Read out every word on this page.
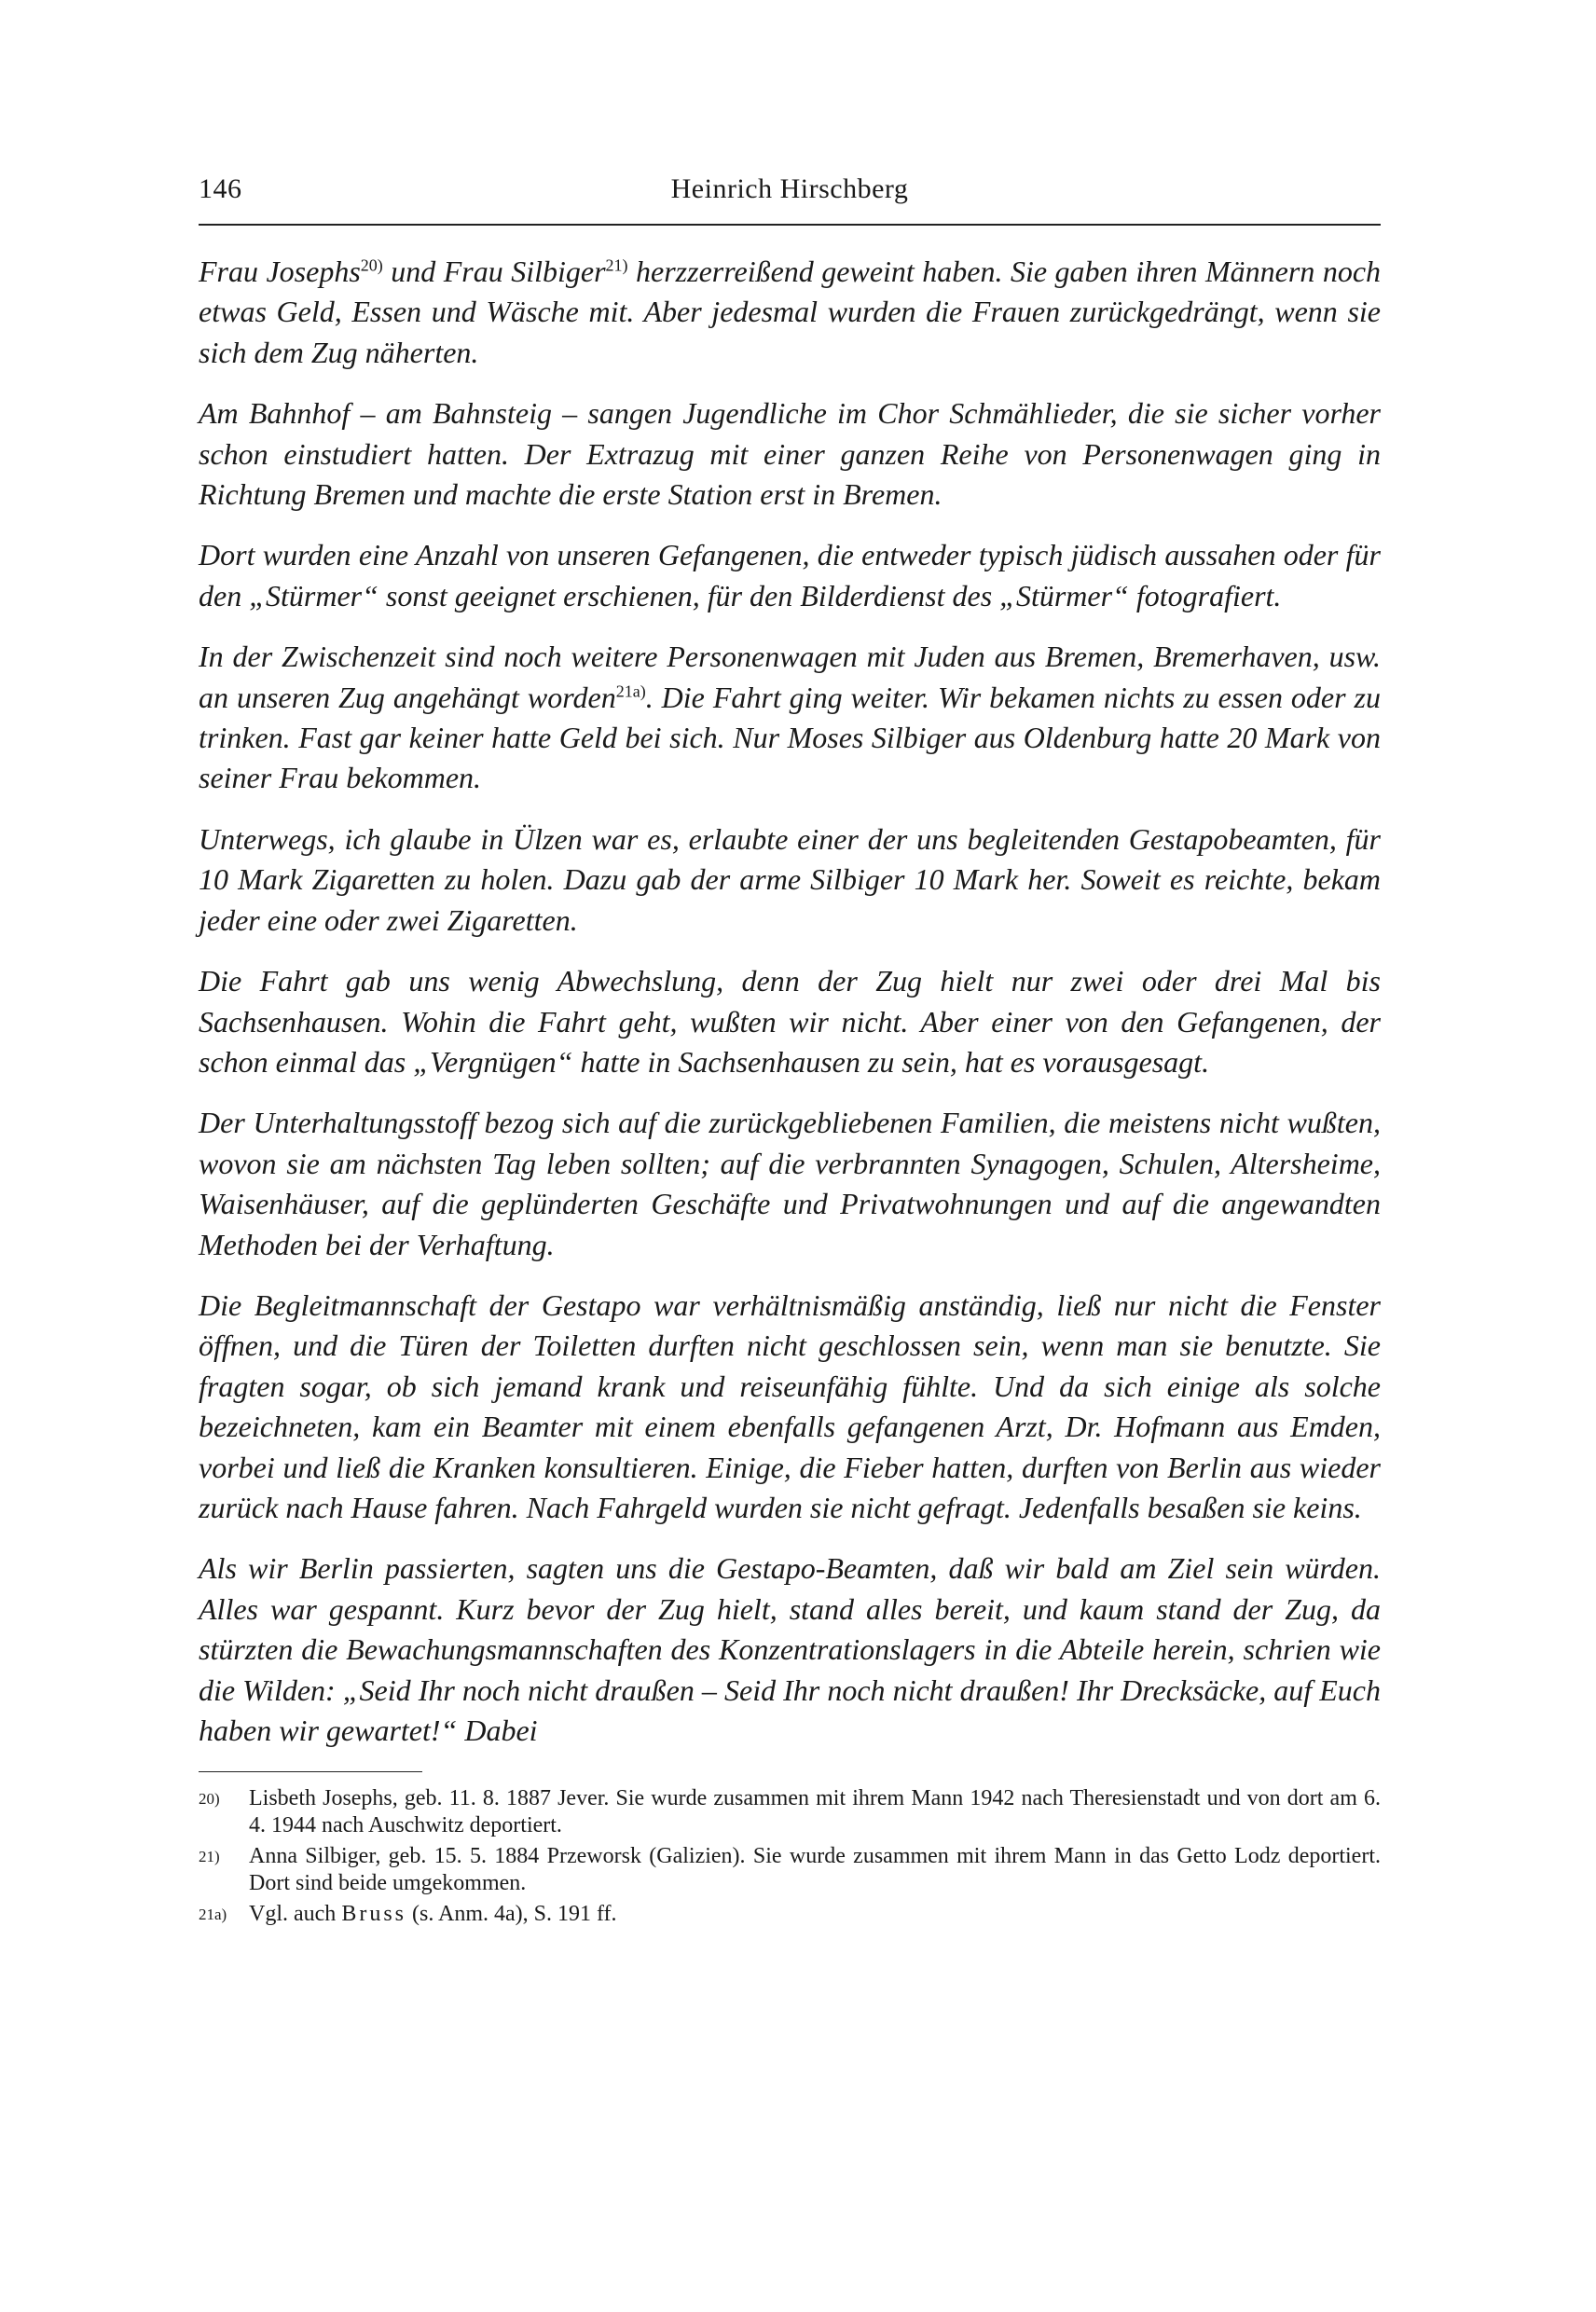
146	Heinrich Hirschberg

Frau Josephs$^{20)}$ und Frau Silbiger$^{21)}$ herzzerreißend geweint haben. Sie gaben ihren Männern noch etwas Geld, Essen und Wäsche mit. Aber jedesmal wurden die Frauen zurückgedrängt, wenn sie sich dem Zug näherten.

Am Bahnhof – am Bahnsteig – sangen Jugendliche im Chor Schmählieder, die sie sicher vorher schon einstudiert hatten. Der Extrazug mit einer ganzen Reihe von Personenwagen ging in Richtung Bremen und machte die erste Station erst in Bremen.

Dort wurden eine Anzahl von unseren Gefangenen, die entweder typisch jüdisch aussahen oder für den „Stürmer“ sonst geeignet erschienen, für den Bilderdienst des „Stürmer“ fotografiert.

In der Zwischenzeit sind noch weitere Personenwagen mit Juden aus Bremen, Bremerhaven, usw. an unseren Zug angehängt worden$^{21a)}$. Die Fahrt ging weiter. Wir bekamen nichts zu essen oder zu trinken. Fast gar keiner hatte Geld bei sich. Nur Moses Silbiger aus Oldenburg hatte 20 Mark von seiner Frau bekommen.

Unterwegs, ich glaube in Ülzen war es, erlaubte einer der uns begleitenden Gestapobeamten, für 10 Mark Zigaretten zu holen. Dazu gab der arme Silbiger 10 Mark her. Soweit es reichte, bekam jeder eine oder zwei Zigaretten.

Die Fahrt gab uns wenig Abwechslung, denn der Zug hielt nur zwei oder drei Mal bis Sachsenhausen. Wohin die Fahrt geht, wußten wir nicht. Aber einer von den Gefangenen, der schon einmal das „Vergnügen“ hatte in Sachsenhausen zu sein, hat es vorausgesagt.

Der Unterhaltungsstoff bezog sich auf die zurückgebliebenen Familien, die meistens nicht wußten, wovon sie am nächsten Tag leben sollten; auf die verbrannten Synagogen, Schulen, Altersheime, Waisenhäuser, auf die geplünderten Geschäfte und Privatwohnungen und auf die angewandten Methoden bei der Verhaftung.

Die Begleitmannschaft der Gestapo war verhältnismäßig anständig, ließ nur nicht die Fenster öffnen, und die Türen der Toiletten durften nicht geschlossen sein, wenn man sie benutzte. Sie fragten sogar, ob sich jemand krank und reiseunfähig fühlte. Und da sich einige als solche bezeichneten, kam ein Beamter mit einem ebenfalls gefangenen Arzt, Dr. Hofmann aus Emden, vorbei und ließ die Kranken konsultieren. Einige, die Fieber hatten, durften von Berlin aus wieder zurück nach Hause fahren. Nach Fahrgeld wurden sie nicht gefragt. Jedenfalls besaßen sie keins.

Als wir Berlin passierten, sagten uns die Gestapo-Beamten, daß wir bald am Ziel sein würden. Alles war gespannt. Kurz bevor der Zug hielt, stand alles bereit, und kaum stand der Zug, da stürzten die Bewachungsmannschaften des Konzentrationslagers in die Abteile herein, schrien wie die Wilden: „Seid Ihr noch nicht draußen – Seid Ihr noch nicht draußen! Ihr Drecksäcke, auf Euch haben wir gewartet!“ Dabei

20) Lisbeth Josephs, geb. 11. 8. 1887 Jever. Sie wurde zusammen mit ihrem Mann 1942 nach Theresienstadt und von dort am 6. 4. 1944 nach Auschwitz deportiert.
21) Anna Silbiger, geb. 15. 5. 1884 Przeworsk (Galizien). Sie wurde zusammen mit ihrem Mann in das Getto Lodz deportiert. Dort sind beide umgekommen.
21a) Vgl. auch Bruss (s. Anm. 4a), S. 191 ff.
